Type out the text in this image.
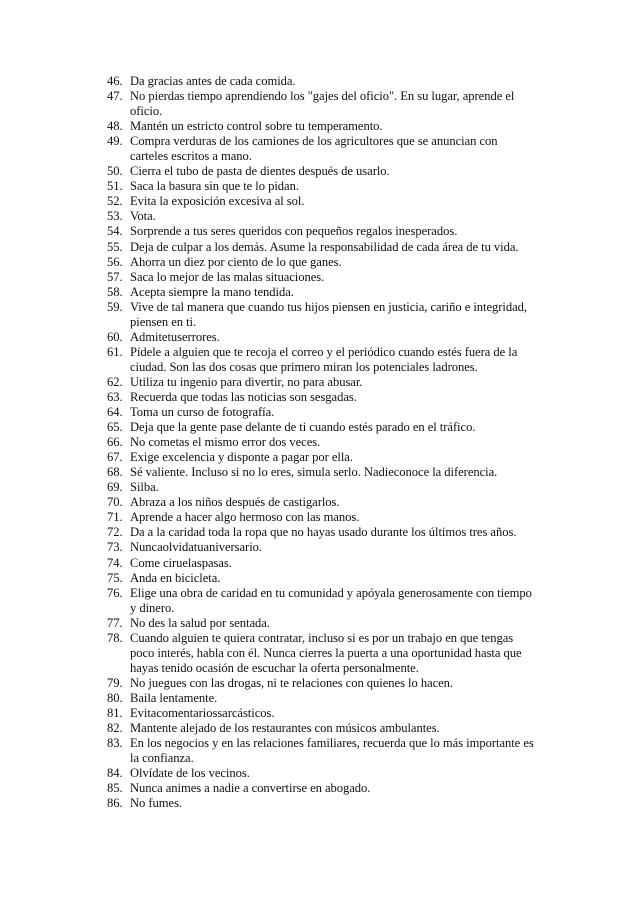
46. Da gracias antes de cada comida.
47. No pierdas tiempo aprendiendo los "gajes del oficio". En su lugar, aprende el
oficio.
48. Mantén un estricto control sobre tu temperamento.
49. Compra verduras de los camiones de los agricultores que se anuncian con
carteles escritos a mano.
50. Cierra el tubo de pasta de dientes después de usarlo.
51. Saca la basura sin que te lo pidan.
52. Evita la exposición excesiva al sol.
53. Vota.
54. Sorprende a tus seres queridos con pequeños regalos inesperados.
55. Deja de culpar a los demás. Asume la responsabilidad de cada área de tu vida.
56. Ahorra un diez por ciento de lo que ganes.
57. Saca lo mejor de las malas situaciones.
58. Acepta siempre la mano tendida.
59. Vive de tal manera que cuando tus hijos piensen en justicia, cariño e integridad,
piensen en ti.
60. Admitetuserrores.
61. Pídele a alguien que te recoja el correo y el periódico cuando estés fuera de la
ciudad. Son las dos cosas que primero miran los potenciales ladrones.
62. Utiliza tu ingenio para divertir, no para abusar.
63. Recuerda que todas las noticias son sesgadas.
64. Toma un curso de fotografía.
65. Deja que la gente pase delante de ti cuando estés parado en el tráfico.
66. No cometas el mismo error dos veces.
67. Exige excelencia y disponte a pagar por ella.
68. Sé valiente. Incluso si no lo eres, simula serlo. Nadieconoce la diferencia.
69. Silba.
70. Abraza a los niños después de castigarlos.
71. Aprende a hacer algo hermoso con las manos.
72. Da a la caridad toda la ropa que no hayas usado durante los últimos tres años.
73. Nuncaolvidatuaniversario.
74. Come ciruelaspasas.
75. Anda en bicicleta.
76. Elige una obra de caridad en tu comunidad y apóyala generosamente con tiempo
y dinero.
77. No des la salud por sentada.
78. Cuando alguien te quiera contratar, incluso si es por un trabajo en que tengas
poco interés, habla con él. Nunca cierres la puerta a una oportunidad hasta que
hayas tenido ocasión de escuchar la oferta personalmente.
79. No juegues con las drogas, ni te relaciones con quienes lo hacen.
80. Baila lentamente.
81. Evitacomentariossarcásticos.
82. Mantente alejado de los restaurantes con músicos ambulantes.
83. En los negocios y en las relaciones familiares, recuerda que lo más importante es
la confianza.
84. Olvídate de los vecinos.
85. Nunca animes a nadie a convertirse en abogado.
86. No fumes.
